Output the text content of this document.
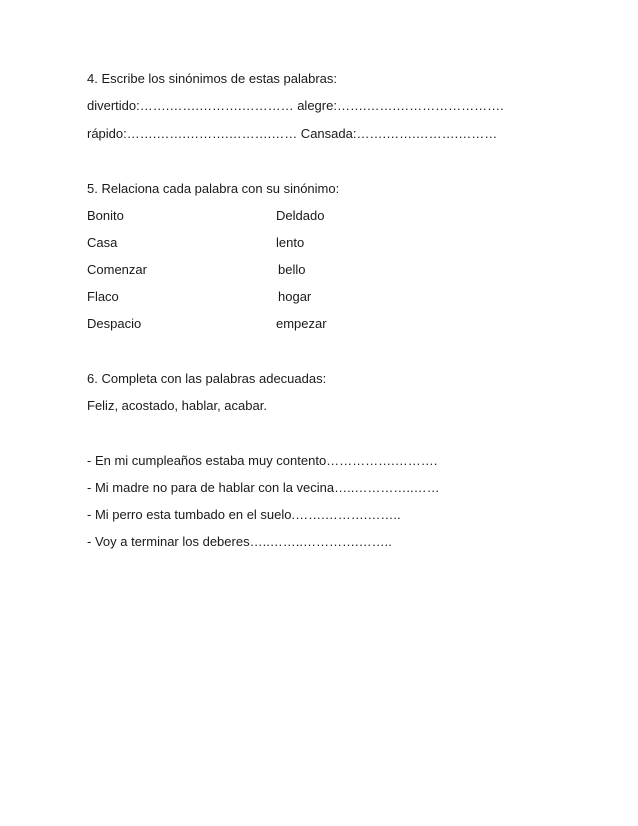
4. Escribe los sinónimos de estas palabras:
divertido:…….…….……….………… alegre:…….…….…………………….
rápido:…….…….……….……….…… Cansada:…….…….……….………
5. Relaciona cada palabra con su sinónimo:
Bonito	Deldado
Casa	lento
Comenzar	bello
Flaco	hogar
Despacio	empezar
6. Completa con las palabras adecuadas:
Feliz, acostado, hablar, acabar.
- En mi cumpleaños estaba muy contento…………….……….
- Mi madre no para de hablar con la vecina…..…………..……
- Mi perro esta tumbado en el suelo.…….……….……..
- Voy a terminar los deberes…..……..………….……..
